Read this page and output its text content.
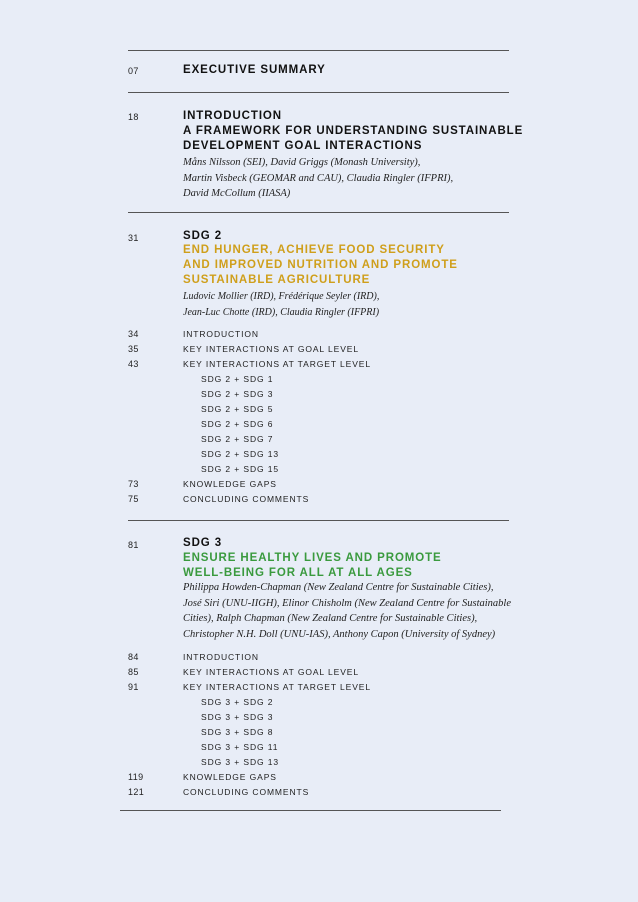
07	EXECUTIVE SUMMARY
18	INTRODUCTION
A FRAMEWORK FOR UNDERSTANDING SUSTAINABLE
DEVELOPMENT GOAL INTERACTIONS
Måns Nilsson (SEI), David Griggs (Monash University),
Martin Visbeck (GEOMAR and CAU), Claudia Ringler (IFPRI),
David McCollum (IIASA)
31	SDG 2
END HUNGER, ACHIEVE FOOD SECURITY
AND IMPROVED NUTRITION AND PROMOTE
SUSTAINABLE AGRICULTURE
Ludovic Mollier (IRD), Frédérique Seyler (IRD),
Jean-Luc Chotte (IRD), Claudia Ringler (IFPRI)
34	INTRODUCTION
35	KEY INTERACTIONS AT GOAL LEVEL
43	KEY INTERACTIONS AT TARGET LEVEL
SDG 2 + SDG 1
SDG 2 + SDG 3
SDG 2 + SDG 5
SDG 2 + SDG 6
SDG 2 + SDG 7
SDG 2 + SDG 13
SDG 2 + SDG 15
73	KNOWLEDGE GAPS
75	CONCLUDING COMMENTS
81	SDG 3
ENSURE HEALTHY LIVES AND PROMOTE
WELL-BEING FOR ALL AT ALL AGES
Philippa Howden-Chapman (New Zealand Centre for Sustainable Cities),
José Siri (UNU-IIGH), Elinor Chisholm (New Zealand Centre for Sustainable
Cities), Ralph Chapman (New Zealand Centre for Sustainable Cities),
Christopher N.H. Doll (UNU-IAS), Anthony Capon (University of Sydney)
84	INTRODUCTION
85	KEY INTERACTIONS AT GOAL LEVEL
91	KEY INTERACTIONS AT TARGET LEVEL
SDG 3 + SDG 2
SDG 3 + SDG 3
SDG 3 + SDG 8
SDG 3 + SDG 11
SDG 3 + SDG 13
119	KNOWLEDGE GAPS
121	CONCLUDING COMMENTS
